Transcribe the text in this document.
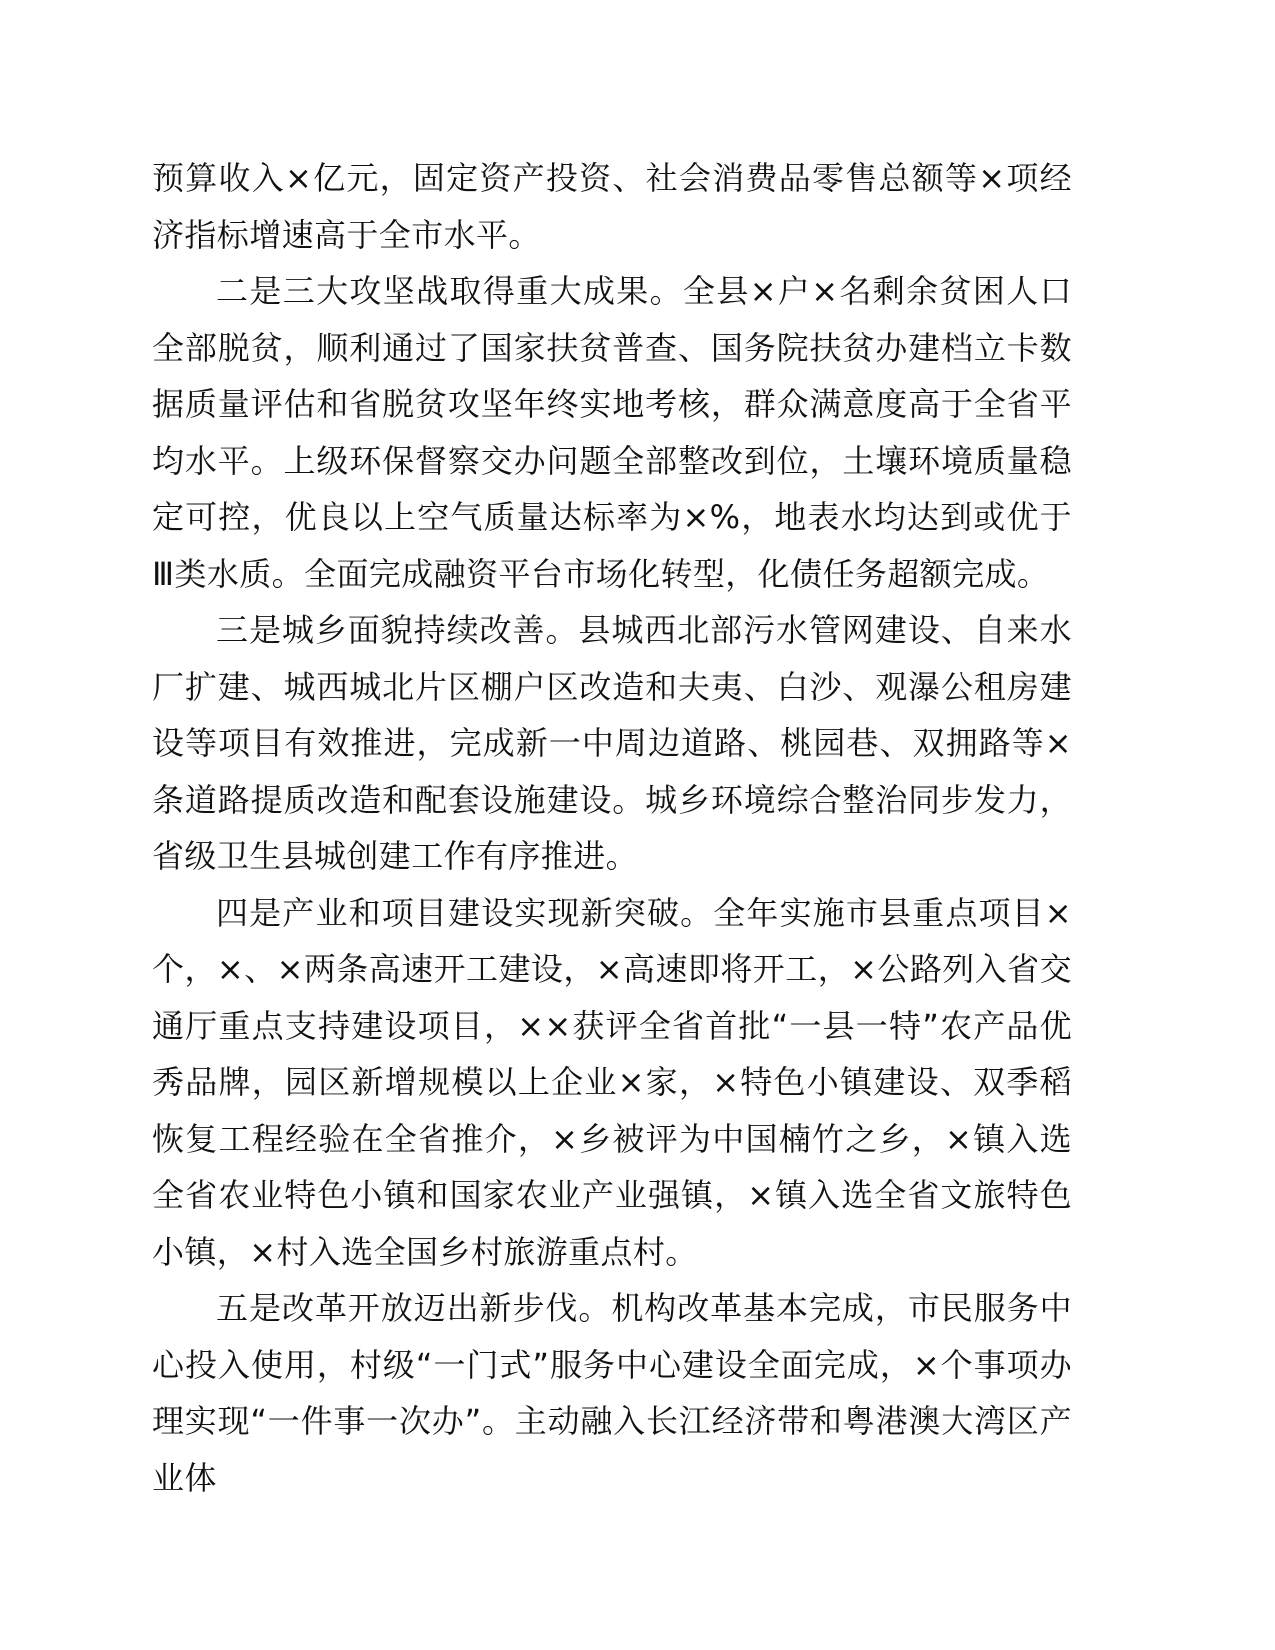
预算收入×亿元，固定资产投资、社会消费品零售总额等×项经济指标增速高于全市水平。

二是三大攻坚战取得重大成果。全县×户×名剩余贫困人口全部脱贫，顺利通过了国家扶贫普查、国务院扶贫办建档立卡数据质量评估和省脱贫攻坚年终实地考核，群众满意度高于全省平均水平。上级环保督察交办问题全部整改到位，土壤环境质量稳定可控，优良以上空气质量达标率为×%，地表水均达到或优于Ⅲ类水质。全面完成融资平台市场化转型，化债任务超额完成。

三是城乡面貌持续改善。县城西北部污水管网建设、自来水厂扩建、城西城北片区棚户区改造和夫夷、白沙、观瀑公租房建设等项目有效推进，完成新一中周边道路、桃园巷、双拥路等×条道路提质改造和配套设施建设。城乡环境综合整治同步发力，省级卫生县城创建工作有序推进。

四是产业和项目建设实现新突破。全年实施市县重点项目×个，×、×两条高速开工建设，×高速即将开工，×公路列入省交通厅重点支持建设项目，××获评全省首批“一县一特”农产品优秀品牌，园区新增规模以上企业×家，×特色小镇建设、双季稻恢复工程经验在全省推介，×乡被评为中国楠竹之乡，×镇入选全省农业特色小镇和国家农业产业强镇，×镇入选全省文旅特色小镇，×村入选全国乡村旅游重点村。

五是改革开放迈出新步伐。机构改革基本完成，市民服务中心投入使用，村级“一门式”服务中心建设全面完成，×个事项办理实现“一件事一次办”。主动融入长江经济带和粤港澳大湾区产业体
